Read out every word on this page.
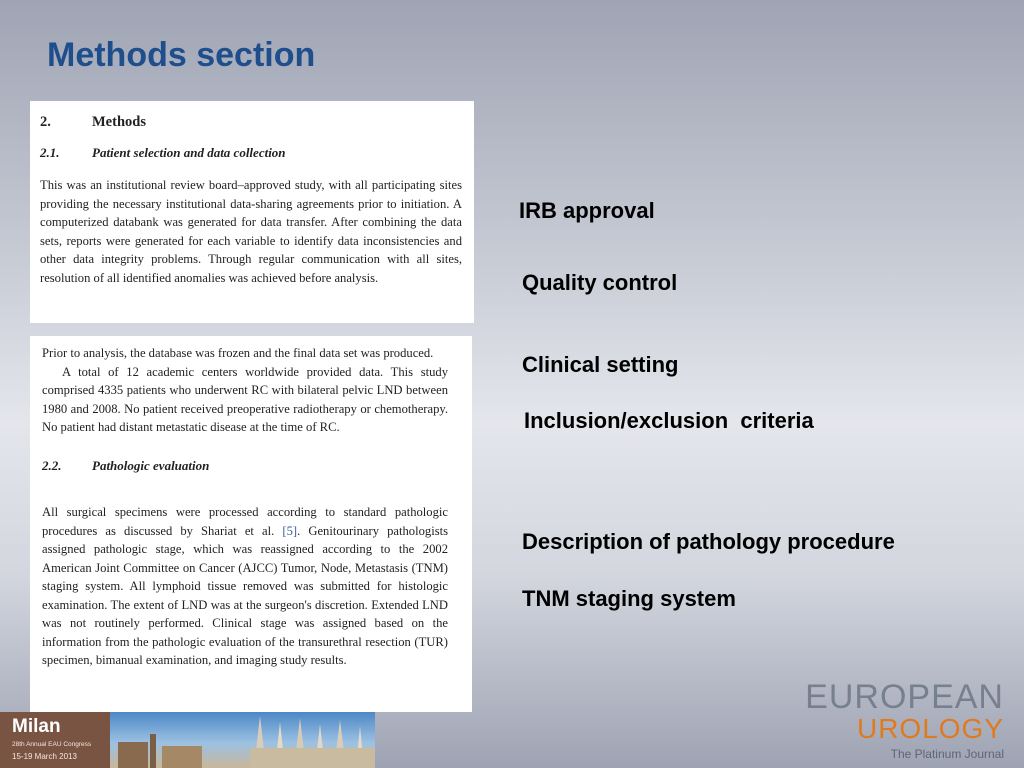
Methods section
2.	Methods
2.1.	Patient selection and data collection

This was an institutional review board–approved study, with all participating sites providing the necessary institutional data-sharing agreements prior to initiation. A computerized databank was generated for data transfer. After combining the data sets, reports were generated for each variable to identify data inconsistencies and other data integrity problems. Through regular communication with all sites, resolution of all identified anomalies was achieved before analysis.

Prior to analysis, the database was frozen and the final data set was produced.

A total of 12 academic centers worldwide provided data. This study comprised 4335 patients who underwent RC with bilateral pelvic LND between 1980 and 2008. No patient received preoperative radiotherapy or chemotherapy. No patient had distant metastatic disease at the time of RC.

2.2. Pathologic evaluation

All surgical specimens were processed according to standard pathologic procedures as discussed by Shariat et al. [5]. Genitourinary pathologists assigned pathologic stage, which was reassigned according to the 2002 American Joint Committee on Cancer (AJCC) Tumor, Node, Metastasis (TNM) staging system. All lymphoid tissue removed was submitted for histologic examination. The extent of LND was at the surgeon's discretion. Extended LND was not routinely performed. Clinical stage was assigned based on the information from the pathologic evaluation of the transurethral resection (TUR) specimen, bimanual examination, and imaging study results.

IRB approval

Quality control

Clinical setting

Inclusion/exclusion  criteria

Description of pathology procedure

TNM staging system

Milan
28th Annual EAU Congress
15-19 March 2013
EUROPEAN
UROLOGY
The Platinum Journal
